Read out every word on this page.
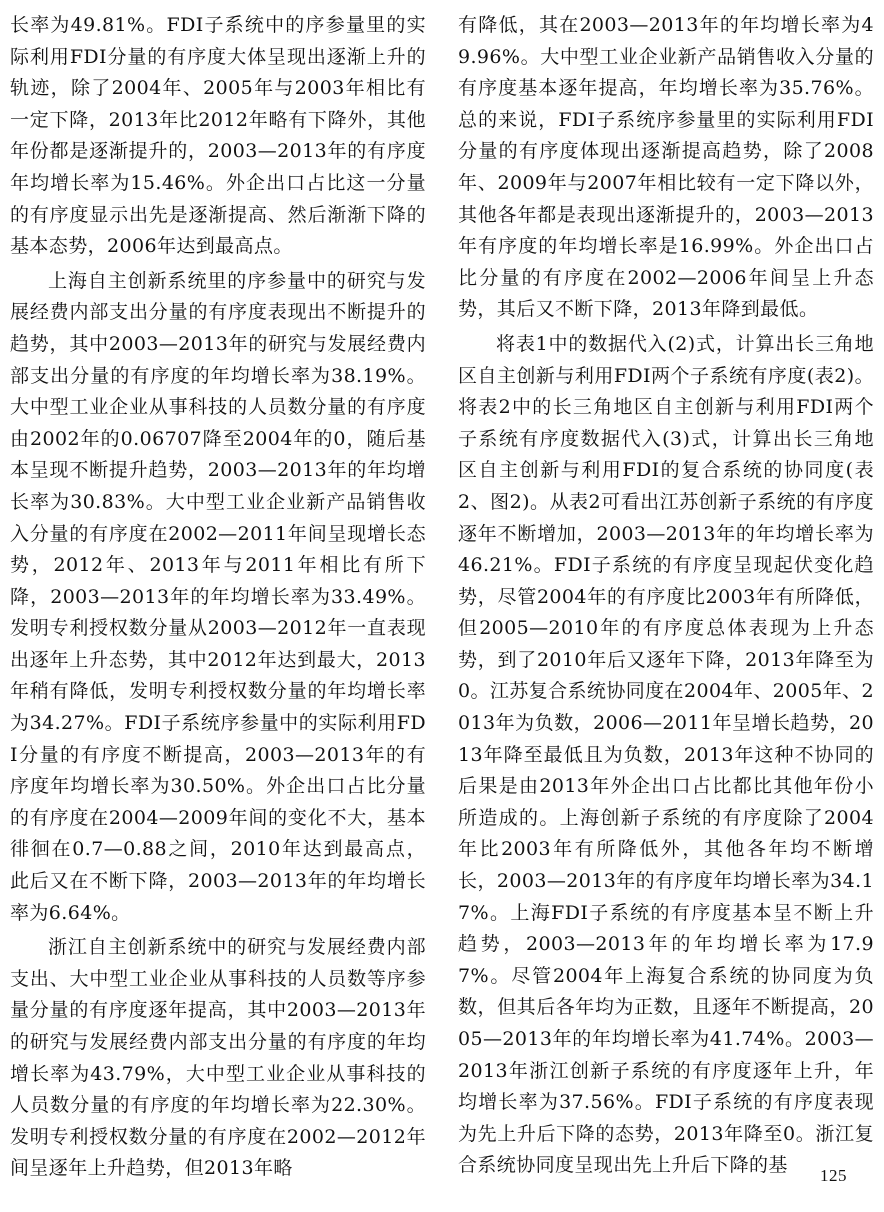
长率为49.81%。FDI子系统中的序参量里的实际利用FDI分量的有序度大体呈现出逐渐上升的轨迹，除了2004年、2005年与2003年相比有一定下降，2013年比2012年略有下降外，其他年份都是逐渐提升的，2003—2013年的有序度年均增长率为15.46%。外企出口占比这一分量的有序度显示出先是逐渐提高、然后渐渐下降的基本态势，2006年达到最高点。

上海自主创新系统里的序参量中的研究与发展经费内部支出分量的有序度表现出不断提升的趋势，其中2003—2013年的研究与发展经费内部支出分量的有序度的年均增长率为38.19%。大中型工业企业从事科技的人员数分量的有序度由2002年的0.06707降至2004年的0，随后基本呈现不断提升趋势，2003—2013年的年均增长率为30.83%。大中型工业企业新产品销售收入分量的有序度在2002—2011年间呈现增长态势，2012年、2013年与2011年相比有所下降，2003—2013年的年均增长率为33.49%。发明专利授权数分量从2003—2012年一直表现出逐年上升态势，其中2012年达到最大，2013年稍有降低，发明专利授权数分量的年均增长率为34.27%。FDI子系统序参量中的实际利用FDI分量的有序度不断提高，2003—2013年的有序度年均增长率为30.50%。外企出口占比分量的有序度在2004—2009年间的变化不大，基本徘徊在0.7—0.88之间，2010年达到最高点，此后又在不断下降，2003—2013年的年均增长率为6.64%。

浙江自主创新系统中的研究与发展经费内部支出、大中型工业企业从事科技的人员数等序参量分量的有序度逐年提高，其中2003—2013年的研究与发展经费内部支出分量的有序度的年均增长率为43.79%，大中型工业企业从事科技的人员数分量的有序度的年均增长率为22.30%。发明专利授权数分量的有序度在2002—2012年间呈逐年上升趋势，但2013年略

有降低，其在2003—2013年的年均增长率为49.96%。大中型工业企业新产品销售收入分量的有序度基本逐年提高，年均增长率为35.76%。总的来说，FDI子系统序参量里的实际利用FDI分量的有序度体现出逐渐提高趋势，除了2008年、2009年与2007年相比较有一定下降以外，其他各年都是表现出逐渐提升的，2003—2013年有序度的年均增长率是16.99%。外企出口占比分量的有序度在2002—2006年间呈上升态势，其后又不断下降，2013年降到最低。

将表1中的数据代入(2)式，计算出长三角地区自主创新与利用FDI两个子系统有序度(表2)。将表2中的长三角地区自主创新与利用FDI两个子系统有序度数据代入(3)式，计算出长三角地区自主创新与利用FDI的复合系统的协同度(表2、图2)。从表2可看出江苏创新子系统的有序度逐年不断增加，2003—2013年的年均增长率为46.21%。FDI子系统的有序度呈现起伏变化趋势，尽管2004年的有序度比2003年有所降低，但2005—2010年的有序度总体表现为上升态势，到了2010年后又逐年下降，2013年降至为0。江苏复合系统协同度在2004年、2005年、2013年为负数，2006—2011年呈增长趋势，2013年降至最低且为负数，2013年这种不协同的后果是由2013年外企出口占比都比其他年份小所造成的。上海创新子系统的有序度除了2004年比2003年有所降低外，其他各年均不断增长，2003—2013年的有序度年均增长率为34.17%。上海FDI子系统的有序度基本呈不断上升趋势，2003—2013年的年均增长率为17.97%。尽管2004年上海复合系统的协同度为负数，但其后各年均为正数，且逐年不断提高，2005—2013年的年均增长率为41.74%。2003—2013年浙江创新子系统的有序度逐年上升，年均增长率为37.56%。FDI子系统的有序度表现为先上升后下降的态势，2013年降至0。浙江复合系统协同度呈现出先上升后下降的基	125
